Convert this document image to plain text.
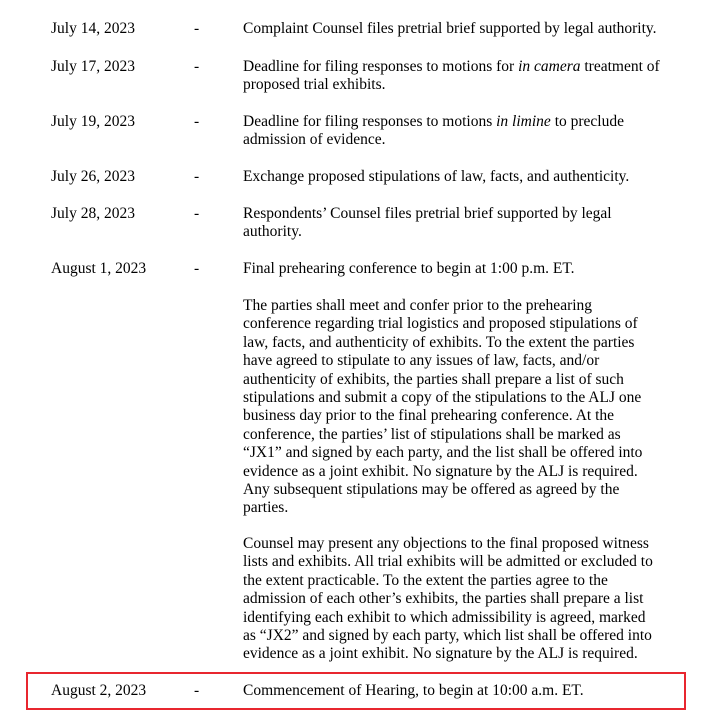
July 14, 2023	-	Complaint Counsel files pretrial brief supported by legal authority.
July 17, 2023	-	Deadline for filing responses to motions for in camera treatment of
proposed trial exhibits.
July 19, 2023	-	Deadline for filing responses to motions in limine to preclude
admission of evidence.
July 26, 2023	-	Exchange proposed stipulations of law, facts, and authenticity.
July 28, 2023	-	Respondents’ Counsel files pretrial brief supported by legal
authority.
August 1, 2023	-	Final prehearing conference to begin at 1:00 p.m. ET.
The parties shall meet and confer prior to the prehearing
conference regarding trial logistics and proposed stipulations of
law, facts, and authenticity of exhibits. To the extent the parties
have agreed to stipulate to any issues of law, facts, and/or
authenticity of exhibits, the parties shall prepare a list of such
stipulations and submit a copy of the stipulations to the ALJ one
business day prior to the final prehearing conference. At the
conference, the parties’ list of stipulations shall be marked as
“JX1” and signed by each party, and the list shall be offered into
evidence as a joint exhibit. No signature by the ALJ is required.
Any subsequent stipulations may be offered as agreed by the
parties.
Counsel may present any objections to the final proposed witness
lists and exhibits. All trial exhibits will be admitted or excluded to
the extent practicable. To the extent the parties agree to the
admission of each other’s exhibits, the parties shall prepare a list
identifying each exhibit to which admissibility is agreed, marked
as “JX2” and signed by each party, which list shall be offered into
evidence as a joint exhibit. No signature by the ALJ is required.
August 2, 2023	-	Commencement of Hearing, to begin at 10:00 a.m. ET.
